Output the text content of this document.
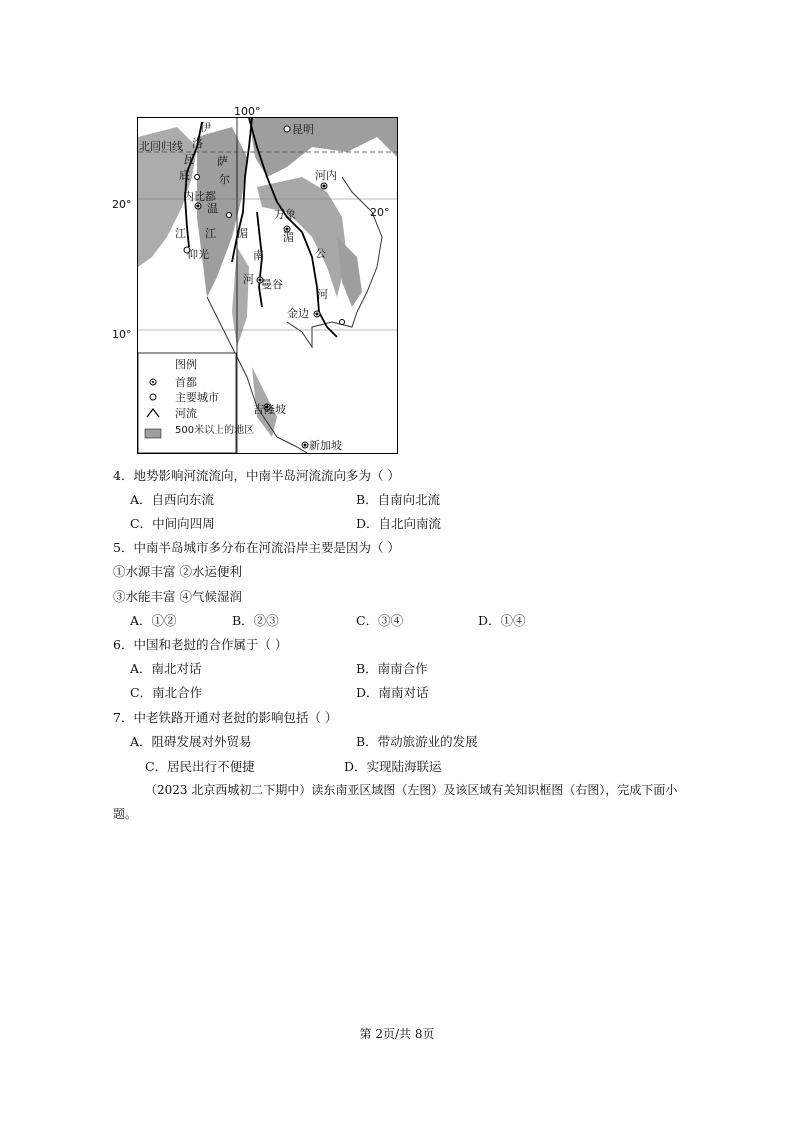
昆明
河内
内比都
万象
曼谷
金边
仰光
吉隆坡
新加坡
北回归线
伊
洛
瓦
底
江
萨
尔
温
江 湄
南
河
湄
公
河
图例
首都
主要城市
河流
500米以上的地区
100°
20°
10°
20°
4．地势影响河流流向，中南半岛河流流向多为（ ）
A．自西向东流	B．自南向北流
C．中间向四周	D．自北向南流
5．中南半岛城市多分布在河流沿岸主要是因为（ ）
①水源丰富 ②水运便利
③水能丰富 ④气候湿润
A．①②	B．②③	C．③④	D．①④
6．中国和老挝的合作属于（ ）
A．南北对话	B．南南合作
C．南北合作	D．南南对话
7．中老铁路开通对老挝的影响包括（ ）
A．阻碍发展对外贸易	B．带动旅游业的发展
C．居民出行不便捷	D．实现陆海联运
（2023 北京西城初二下期中）读东南亚区域图（左图）及该区域有关知识框图（右图），完成下面小
题。
第 2页/共 8页
